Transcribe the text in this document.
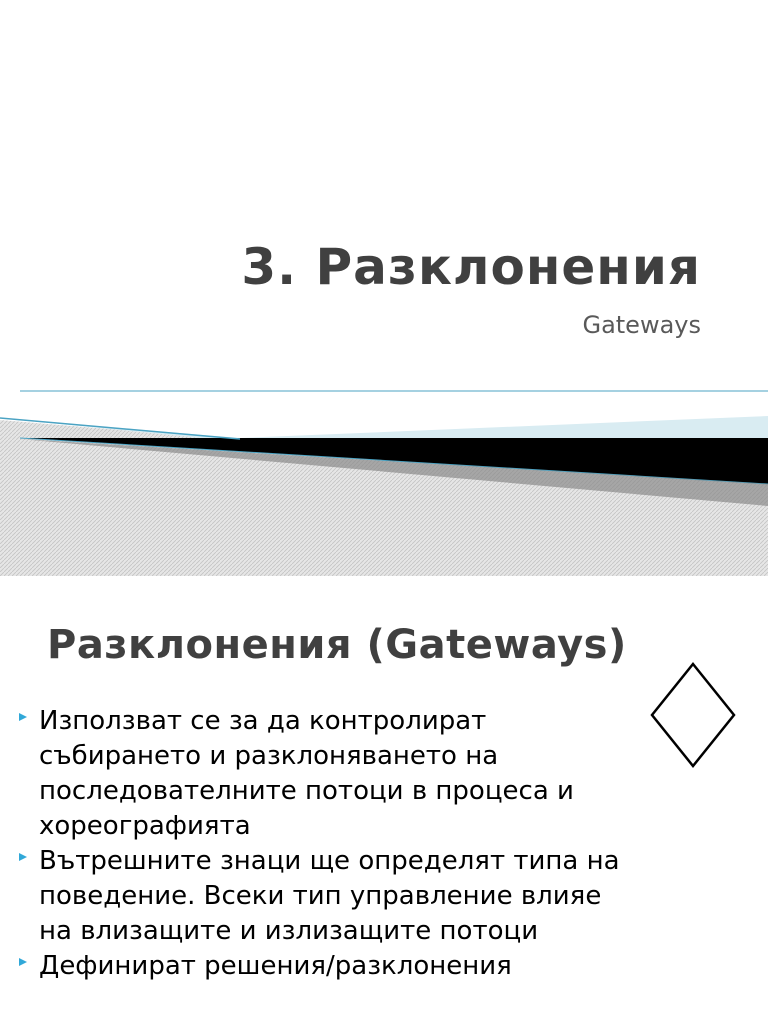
3. Разклонения
Gateways
Разклонения (Gateways)
Използват се за да контролират събирането и разклоняването на последователните потоци в процеса и хореографията
Вътрешните знаци ще определят типа на поведение. Всеки тип управление влияе на влизащите и излизащите потоци
Дефинират решения/разклонения
